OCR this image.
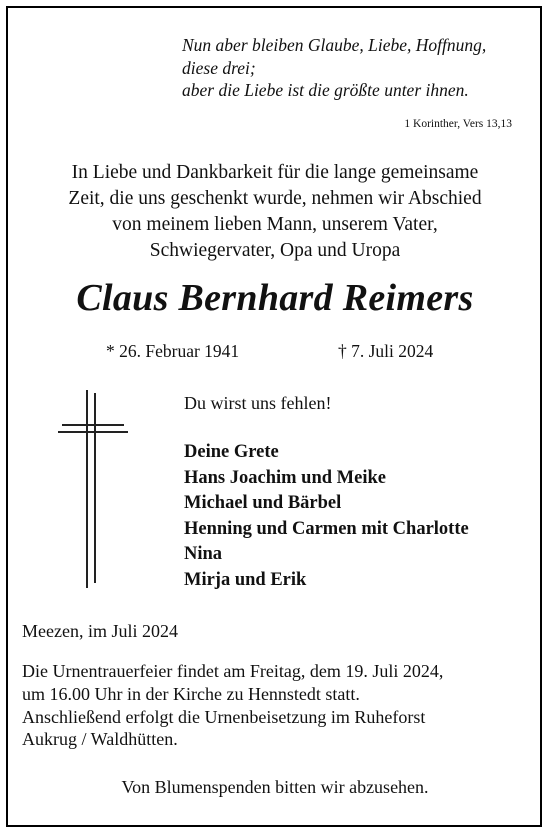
Nun aber bleiben Glaube, Liebe, Hoffnung,
diese drei;
aber die Liebe ist die größte unter ihnen.
1 Korinther, Vers 13,13
In Liebe und Dankbarkeit für die lange gemeinsame
Zeit, die uns geschenkt wurde, nehmen wir Abschied
von meinem lieben Mann, unserem Vater,
Schwiegervater, Opa und Uropa
Claus Bernhard Reimers
* 26. Februar 1941	† 7. Juli 2024
Du wirst uns fehlen!
Deine Grete
Hans Joachim und Meike
Michael und Bärbel
Henning und Carmen mit Charlotte
Nina
Mirja und Erik
Meezen, im Juli 2024
Die Urnentrauerfeier findet am Freitag, dem 19. Juli 2024,
um 16.00 Uhr in der Kirche zu Hennstedt statt.
Anschließend erfolgt die Urnenbeisetzung im Ruheforst
Aukrug / Waldhütten.
Von Blumenspenden bitten wir abzusehen.
